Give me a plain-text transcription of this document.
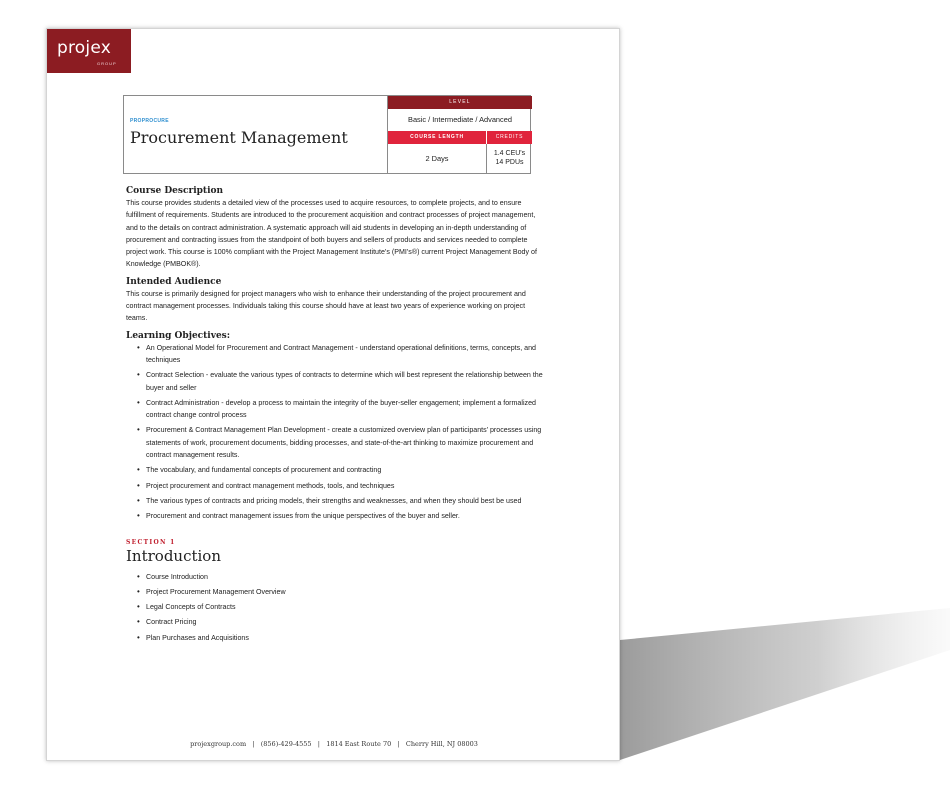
projex
GROUP
PROPROCURE
Procurement Management
LEVEL
Basic / Intermediate / Advanced
COURSE LENGTH	CREDITS
2 Days
1.4 CEU's
14 PDUs
Course Description

This course provides students a detailed view of the processes used to acquire resources, to complete projects, and to ensure fulfillment of requirements. Students are introduced to the procurement acquisition and contract processes of project management, and to the details on contract administration. A systematic approach will aid students in developing an in-depth understanding of procurement and contracting issues from the standpoint of both buyers and sellers of products and services needed to complete project work. This course is 100% compliant with the Project Management Institute’s (PMI’s®) current Project Management Body of Knowledge (PMBOK®).

Intended Audience

This course is primarily designed for project managers who wish to enhance their understanding of the project procurement and contract management processes. Individuals taking this course should have at least two years of experience working on project teams.

Learning Objectives:
• An Operational Model for Procurement and Contract Management - understand operational definitions, terms, concepts, and techniques
• Contract Selection - evaluate the various types of contracts to determine which will best represent the relationship between the buyer and seller
• Contract Administration - develop a process to maintain the integrity of the buyer-seller engagement; implement a formalized contract change control process
• Procurement & Contract Management Plan Development - create a customized overview plan of participants’ processes using statements of work, procurement documents, bidding processes, and state-of-the-art thinking to maximize procurement and contract management results.
• The vocabulary, and fundamental concepts of procurement and contracting
• Project procurement and contract management methods, tools, and techniques
• The various types of contracts and pricing models, their strengths and weaknesses, and when they should best be used
• Procurement and contract management issues from the unique perspectives of the buyer and seller.
SECTION 1
Introduction
• Course Introduction
• Project Procurement Management Overview
• Legal Concepts of Contracts
• Contract Pricing
• Plan Purchases and Acquisitions
projexgroup.com | (856)-429-4555 | 1814 East Route 70 | Cherry Hill, NJ 08003
